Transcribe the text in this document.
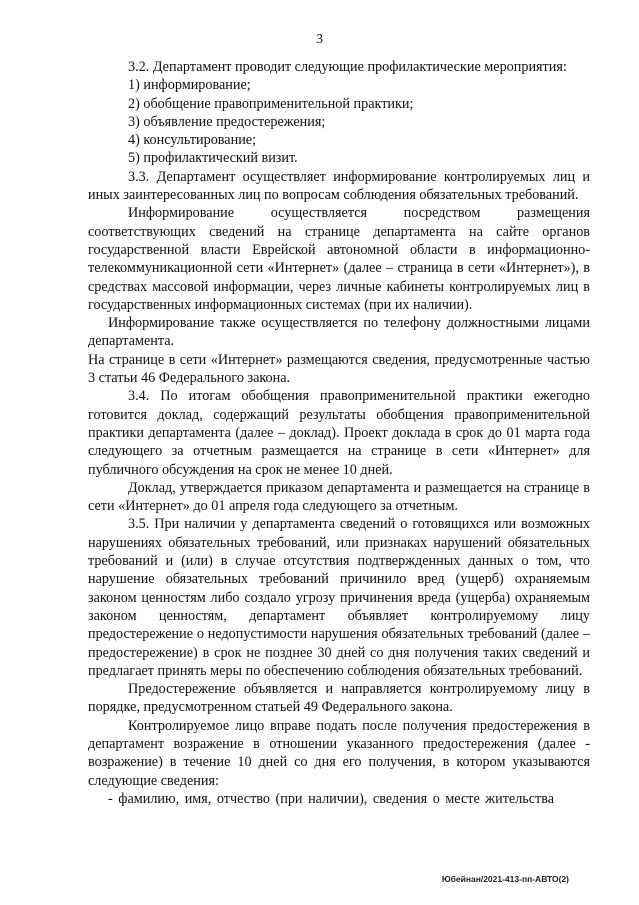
3

3.2. Департамент проводит следующие профилактические мероприятия:

1) информирование;

2) обобщение правоприменительной практики;

3) объявление предостережения;

4) консультирование;

5) профилактический визит.

3.3. Департамент осуществляет информирование контролируемых лиц и иных заинтересованных лиц по вопросам соблюдения обязательных требований.

Информирование осуществляется посредством размещения соответствующих сведений на странице департамента на сайте органов государственной власти Еврейской автономной области в информационно-телекоммуникационной сети «Интернет» (далее – страница в сети «Интернет»), в средствах массовой информации, через личные кабинеты контролируемых лиц в государственных информационных системах (при их наличии).

Информирование также осуществляется по телефону должностными лицами департамента.

На странице в сети «Интернет» размещаются сведения, предусмотренные частью 3 статьи 46 Федерального закона.

3.4. По итогам обобщения правоприменительной практики ежегодно готовится доклад, содержащий результаты обобщения правоприменительной практики департамента (далее – доклад). Проект доклада в срок до 01 марта года следующего за отчетным размещается на странице в сети «Интернет» для публичного обсуждения на срок не менее 10 дней.

Доклад, утверждается приказом департамента и размещается на странице в сети «Интернет» до 01 апреля года следующего за отчетным.

3.5. При наличии у департамента сведений о готовящихся или возможных нарушениях обязательных требований, или признаках нарушений обязательных требований и (или) в случае отсутствия подтвержденных данных о том, что нарушение обязательных требований причинило вред (ущерб) охраняемым законом ценностям либо создало угрозу причинения вреда (ущерба) охраняемым законом ценностям, департамент объявляет контролируемому лицу предостережение о недопустимости нарушения обязательных требований (далее – предостережение) в срок не позднее 30 дней со дня получения таких сведений и предлагает принять меры по обеспечению соблюдения обязательных требований.

Предостережение объявляется и направляется контролируемому лицу в порядке, предусмотренном статьей 49 Федерального закона.

Контролируемое лицо вправе подать после получения предостережения в департамент возражение в отношении указанного предостережения (далее - возражение) в течение 10 дней со дня его получения, в котором указываются следующие сведения:

- фамилию, имя, отчество (при наличии), сведения о месте жительства

Юбейнан/2021-413-пп-АВТО(2)
